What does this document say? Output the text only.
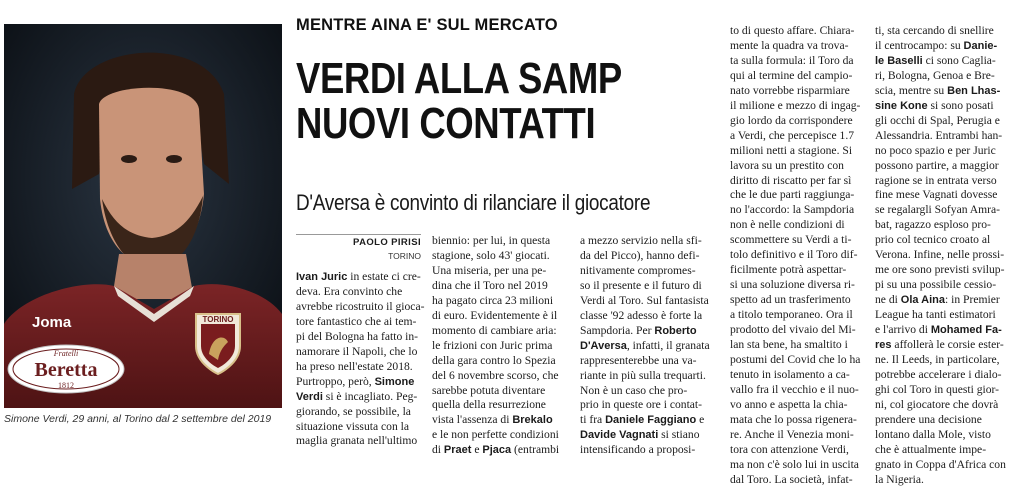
TORINO
Joma
Fratelli
Beretta
1812
Simone Verdi, 29 anni, al Torino dal 2 settembre del 2019
MENTRE AINA E' SUL MERCATO
VERDI ALLA SAMP
NUOVI CONTATTI
D'Aversa è convinto di rilanciare il giocatore
PAOLO PIRISI
TORINO

Ivan Juric in estate ci cre-

deva. Era convinto che

avrebbe ricostruito il gioca-

tore fantastico che ai tem-

pi del Bologna ha fatto in-

namorare il Napoli, che lo

ha preso nell'estate 2018.

Purtroppo, però, Simone

Verdi si è incagliato. Peg-

giorando, se possibile, la

situazione vissuta con la

maglia granata nell'ultimo

biennio: per lui, in questa

stagione, solo 43' giocati.

Una miseria, per una pe-

dina che il Toro nel 2019

ha pagato circa 23 milioni

di euro. Evidentemente è il

momento di cambiare aria:

le frizioni con Juric prima

della gara contro lo Spezia

del 6 novembre scorso, che

sarebbe potuta diventare

quella della resurrezione

vista l'assenza di Brekalo

e le non perfette condizioni

di Praet e Pjaca (entrambi

a mezzo servizio nella sfi-

da del Picco), hanno defi-

nitivamente compromes-

so il presente e il futuro di

Verdi al Toro. Sul fantasista

classe '92 adesso è forte la

Sampdoria. Per Roberto

D'Aversa, infatti, il granata

rappresenterebbe una va-

riante in più sulla trequarti.

Non è un caso che pro-

prio in queste ore i contat-

ti fra Daniele Faggiano e

Davide Vagnati si stiano

intensificando a proposi-

to di questo affare. Chiara-

mente la quadra va trova-

ta sulla formula: il Toro da

qui al termine del campio-

nato vorrebbe risparmiare

il milione e mezzo di ingag-

gio lordo da corrispondere

a Verdi, che percepisce 1.7

milioni netti a stagione. Si

lavora su un prestito con

diritto di riscatto per far sì

che le due parti raggiunga-

no l'accordo: la Sampdoria

non è nelle condizioni di

scommettere su Verdi a ti-

tolo definitivo e il Toro dif-

ficilmente potrà aspettar-

si una soluzione diversa ri-

spetto ad un trasferimento

a titolo temporaneo. Ora il

prodotto del vivaio del Mi-

lan sta bene, ha smaltito i

postumi del Covid che lo ha

tenuto in isolamento a ca-

vallo fra il vecchio e il nuo-

vo anno e aspetta la chia-

mata che lo possa rigenera-

re. Anche il Venezia moni-

tora con attenzione Verdi,

ma non c'è solo lui in uscita

dal Toro. La società, infat-

ti, sta cercando di snellire

il centrocampo: su Danie-

le Baselli ci sono Caglia-

ri, Bologna, Genoa e Bre-

scia, mentre su Ben Lhas-

sine Kone si sono posati

gli occhi di Spal, Perugia e

Alessandria. Entrambi han-

no poco spazio e per Juric

possono partire, a maggior

ragione se in entrata verso

fine mese Vagnati dovesse

se regalargli Sofyan Amra-

bat, ragazzo esploso pro-

prio col tecnico croato al

Verona. Infine, nelle prossi-

me ore sono previsti svilup-

pi su una possibile cessio-

ne di Ola Aina: in Premier

League ha tanti estimatori

e l'arrivo di Mohamed Fa-

res affollerà le corsie ester-

ne. Il Leeds, in particolare,

potrebbe accelerare i dialo-

ghi col Toro in questi gior-

ni, col giocatore che dovrà

prendere una decisione

lontano dalla Mole, visto

che è attualmente impe-

gnato in Coppa d'Africa con

la Nigeria.
